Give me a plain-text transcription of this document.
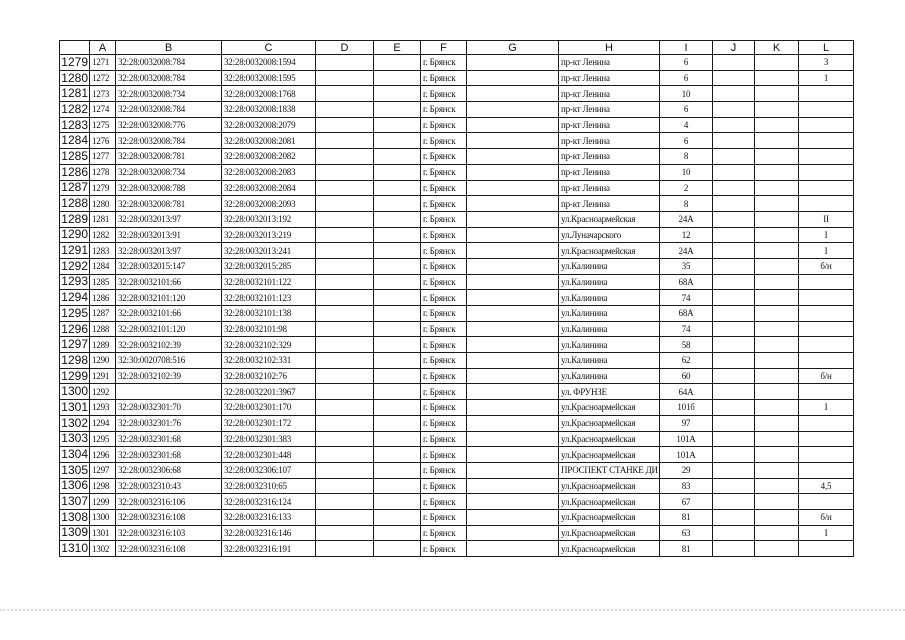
	A	B	C	D	E	F	G	H	I	J	K	L
1279	1271	32:28:0032008:784	32:28:0032008:1594			г. Брянск		пр-кт Ленина	6			3
1280	1272	32:28:0032008:784	32:28:0032008:1595			г. Брянск		пр-кт Ленина	6			1
1281	1273	32:28:0032008:734	32:28:0032008:1768			г. Брянск		пр-кт Ленина	10			
1282	1274	32:28:0032008:784	32:28:0032008:1838			г. Брянск		пр-кт Ленина	6			
1283	1275	32:28:0032008:776	32:28:0032008:2079			г. Брянск		пр-кт Ленина	4			
1284	1276	32:28:0032008:784	32:28:0032008:2081			г. Брянск		пр-кт Ленина	6			
1285	1277	32:28:0032008:781	32:28:0032008:2082			г. Брянск		пр-кт Ленина	8			
1286	1278	32:28:0032008:734	32:28:0032008:2083			г. Брянск		пр-кт Ленина	10			
1287	1279	32:28:0032008:788	32:28:0032008:2084			г. Брянск		пр-кт Ленина	2			
1288	1280	32:28:0032008:781	32:28:0032008:2093			г. Брянск		пр-кт Ленина	8			
1289	1281	32:28:0032013:97	32:28:0032013:192			г. Брянск		ул.Красноармейская	24А			II
1290	1282	32:28:0032013:91	32:28:0032013:219			г. Брянск		ул.Луначарского	12			I
1291	1283	32:28:0032013:97	32:28:0032013:241			г. Брянск		ул.Красноармейская	24А			I
1292	1284	32:28:0032015:147	32:28:0032015:285			г. Брянск		ул.Калинина	35			б/н
1293	1285	32:28:0032101:66	32:28:0032101:122			г. Брянск		ул.Калинина	68А			
1294	1286	32:28:0032101:120	32:28:0032101:123			г. Брянск		ул.Калинина	74			
1295	1287	32:28:0032101:66	32:28:0032101:138			г. Брянск		ул.Калинина	68А			
1296	1288	32:28:0032101:120	32:28:0032101:98			г. Брянск		ул.Калинина	74			
1297	1289	32:28:0032102:39	32:28:0032102:329			г. Брянск		ул.Калинина	58			
1298	1290	32:30:0020708:516	32:28:0032102:331			г. Брянск		ул.Калинина	62			
1299	1291	32:28:0032102:39	32:28:0032102:76			г. Брянск		ул.Калинина	60			б/н
1300	1292		32:28:0032201:3967			г. Брянск		ул. ФРУНЗЕ	64А			
1301	1293	32:28:0032301:70	32:28:0032301:170			г. Брянск		ул.Красноармейская	101б			I
1302	1294	32:28:0032301:76	32:28:0032301:172			г. Брянск		ул.Красноармейская	97			
1303	1295	32:28:0032301:68	32:28:0032301:383			г. Брянск		ул.Красноармейская	101А			
1304	1296	32:28:0032301:68	32:28:0032301:448			г. Брянск		ул.Красноармейская	101А			
1305	1297	32:28:0032306:68	32:28:0032306:107			г. Брянск		ПРОСПЕКТ СТАНКЕ ДИ	29			
1306	1298	32:28:0032310:43	32:28:0032310:65			г. Брянск		ул.Красноармейская	83			4,5
1307	1299	32:28:0032316:106	32:28:0032316:124			г. Брянск		ул.Красноармейская	67			
1308	1300	32:28:0032316:108	32:28:0032316:133			г. Брянск		ул.Красноармейская	81			б/н
1309	1301	32:28:0032316:103	32:28:0032316:146			г. Брянск		ул.Красноармейская	63			I
1310	1302	32:28:0032316:108	32:28:0032316:191			г. Брянск		ул.Красноармейская	81			
